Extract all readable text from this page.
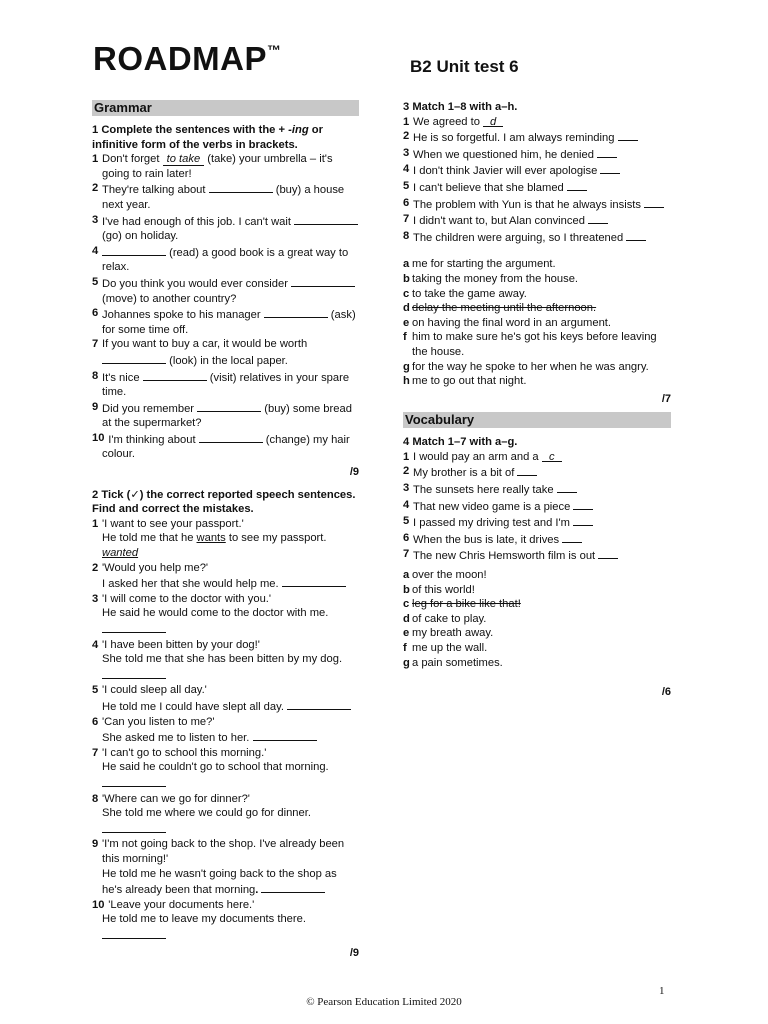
ROADMAP™
B2 Unit test 6
Grammar

1 Complete the sentences with the + -ing or infinitive form of the verbs in brackets.

1 Don't forget to take (take) your umbrella – it's going to rain later!
2 They're talking about	(buy) a house next year.
3 I've had enough of this job. I can't wait  (go) on holiday.
4	(read) a good book is a great way to relax.
5 Do you think you would ever consider  (move) to another country?
6 Johannes spoke to his manager	(ask) for some time off.
7 If you want to buy a car, it would be worth  (look) in the local paper.
8 It's nice	(visit) relatives in your spare time.
9 Did you remember	(buy) some bread at the supermarket?
10 I'm thinking about	(change) my hair colour.
/9

2 Tick (✓) the correct reported speech sentences. Find and correct the mistakes.

1 'I want to see your passport.'
He told me that he wants to see my passport.
wanted
2 'Would you help me?'
I asked her that she would help me.
3 'I will come to the doctor with you.'
He said he would come to the doctor with me.
4 'I have been bitten by your dog!'
She told me that she has been bitten by my dog.
5 'I could sleep all day.'
He told me I could have slept all day.
6 'Can you listen to me?'
She asked me to listen to her.
7 'I can't go to school this morning.'
He said he couldn't go to school that morning.
8 'Where can we go for dinner?'
She told me where we could go for dinner.
9 'I'm not going back to the shop. I've already been this morning!'
He told me he wasn't going back to the shop as he's already been that morning.
10 'Leave your documents here.'
He told me to leave my documents there.
/9

3 Match 1–8 with a–h.

1 We agreed to d
2 He is so forgetful. I am always reminding
3 When we questioned him, he denied
4 I don't think Javier will ever apologise
5 I can't believe that she blamed
6 The problem with Yun is that he always insists
7 I didn't want to, but Alan convinced
8 The children were arguing, so I threatened
a me for starting the argument.
b taking the money from the house.
c to take the game away.
d delay the meeting until the afternoon.
e on having the final word in an argument.
f him to make sure he's got his keys before leaving the house.
g for the way he spoke to her when he was angry.
h me to go out that night.
/7
Vocabulary

4 Match 1–7 with a–g.

1 I would pay an arm and a c
2 My brother is a bit of
3 The sunsets here really take
4 That new video game is a piece
5 I passed my driving test and I'm
6 When the bus is late, it drives
7 The new Chris Hemsworth film is out
a over the moon!
b of this world!
c leg for a bike like that!
d of cake to play.
e my breath away.
f me up the wall.
g a pain sometimes.
/6
© Pearson Education Limited 2020
1
